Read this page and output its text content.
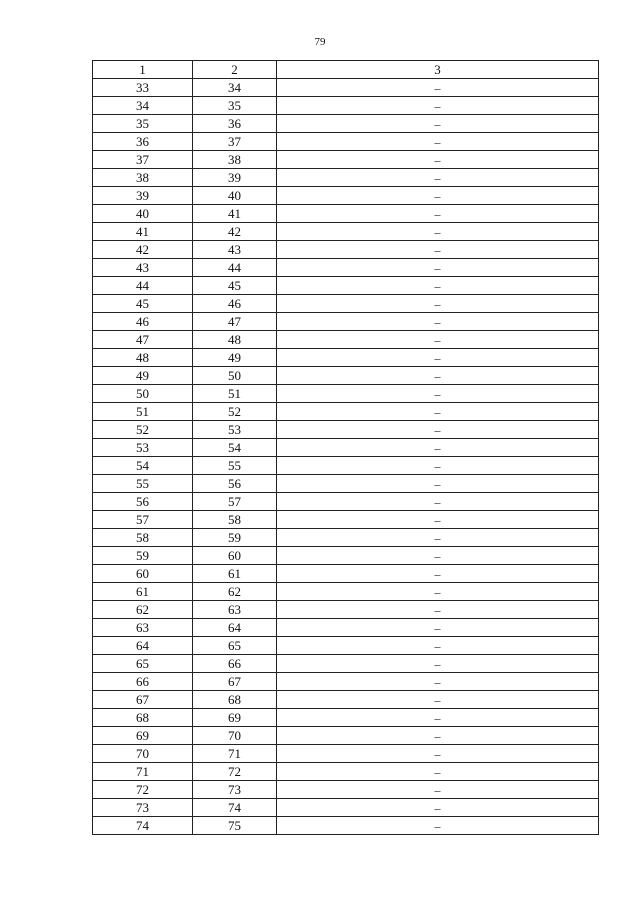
79
1	2	3
33	34	–
34	35	–
35	36	–
36	37	–
37	38	–
38	39	–
39	40	–
40	41	–
41	42	–
42	43	–
43	44	–
44	45	–
45	46	–
46	47	–
47	48	–
48	49	–
49	50	–
50	51	–
51	52	–
52	53	–
53	54	–
54	55	–
55	56	–
56	57	–
57	58	–
58	59	–
59	60	–
60	61	–
61	62	–
62	63	–
63	64	–
64	65	–
65	66	–
66	67	–
67	68	–
68	69	–
69	70	–
70	71	–
71	72	–
72	73	–
73	74	–
74	75	–
